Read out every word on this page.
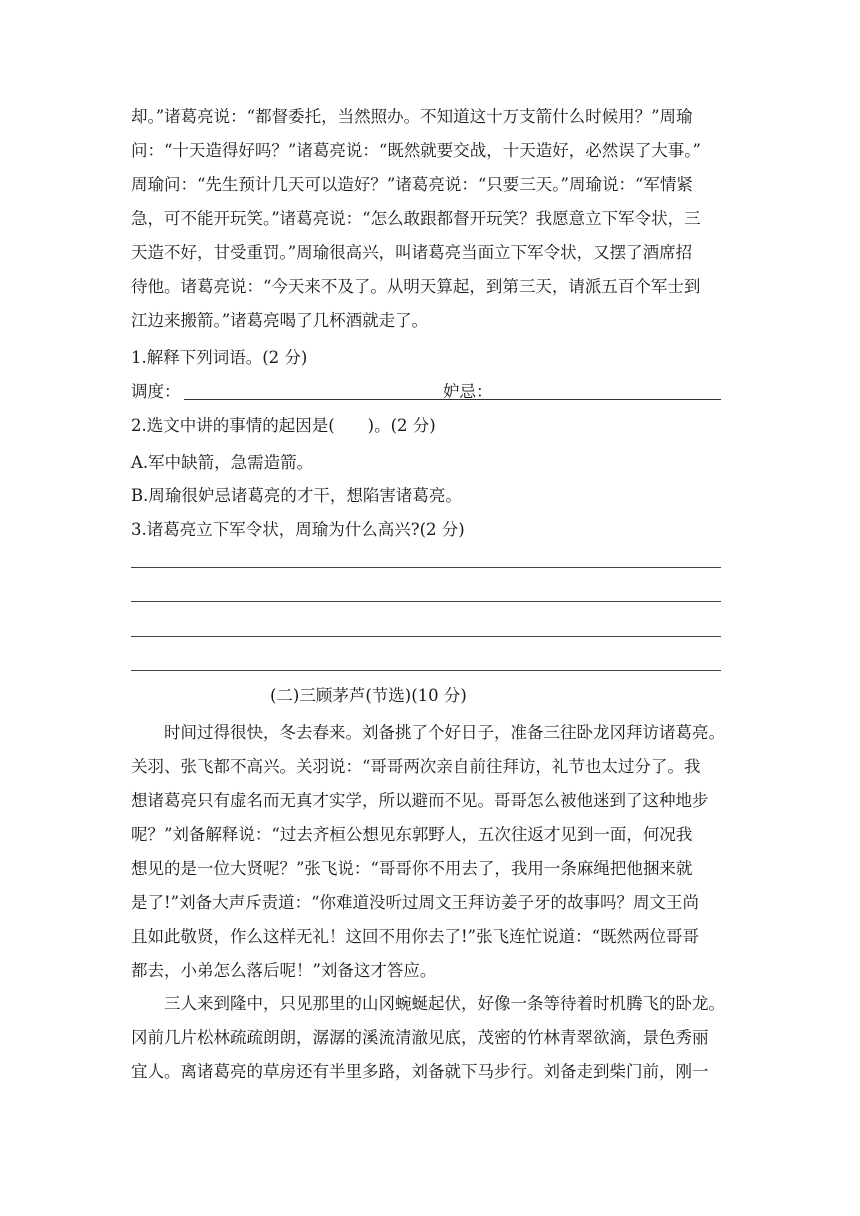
却。”诸葛亮说：“都督委托，当然照办。不知道这十万支箭什么时候用？”周瑜
问：“十天造得好吗？”诸葛亮说：“既然就要交战，十天造好，必然误了大事。”
周瑜问：“先生预计几天可以造好？”诸葛亮说：“只要三天。”周瑜说：“军情紧
急，可不能开玩笑。”诸葛亮说：“怎么敢跟都督开玩笑？我愿意立下军令状，三
天造不好，甘受重罚。”周瑜很高兴，叫诸葛亮当面立下军令状，又摆了酒席招
待他。诸葛亮说：“今天来不及了。从明天算起，到第三天，请派五百个军士到
江边来搬箭。”诸葛亮喝了几杯酒就走了。
1.解释下列词语。(2 分)
调度：	妒忌：
2.选文中讲的事情的起因是(　　)。(2 分)
A.军中缺箭，急需造箭。
B.周瑜很妒忌诸葛亮的才干，想陷害诸葛亮。
3.诸葛亮立下军令状，周瑜为什么高兴?(2 分)
(二)三顾茅芦(节选)(10 分)
　　时间过得很快，冬去春来。刘备挑了个好日子，准备三往卧龙冈拜访诸葛亮。
关羽、张飞都不高兴。关羽说：“哥哥两次亲自前往拜访，礼节也太过分了。我
想诸葛亮只有虚名而无真才实学，所以避而不见。哥哥怎么被他迷到了这种地步
呢？”刘备解释说：“过去齐桓公想见东郭野人，五次往返才见到一面，何况我
想见的是一位大贤呢？”张飞说：“哥哥你不用去了，我用一条麻绳把他捆来就
是了!”刘备大声斥责道：“你难道没听过周文王拜访姜子牙的故事吗？周文王尚
且如此敬贤，作么这样无礼！这回不用你去了!”张飞连忙说道：“既然两位哥哥
都去，小弟怎么落后呢！”刘备这才答应。
　　三人来到隆中，只见那里的山冈蜿蜒起伏，好像一条等待着时机腾飞的卧龙。
冈前几片松林疏疏朗朗，潺潺的溪流清澈见底，茂密的竹林青翠欲滴，景色秀丽
宜人。离诸葛亮的草房还有半里多路，刘备就下马步行。刘备走到柴门前，刚一
